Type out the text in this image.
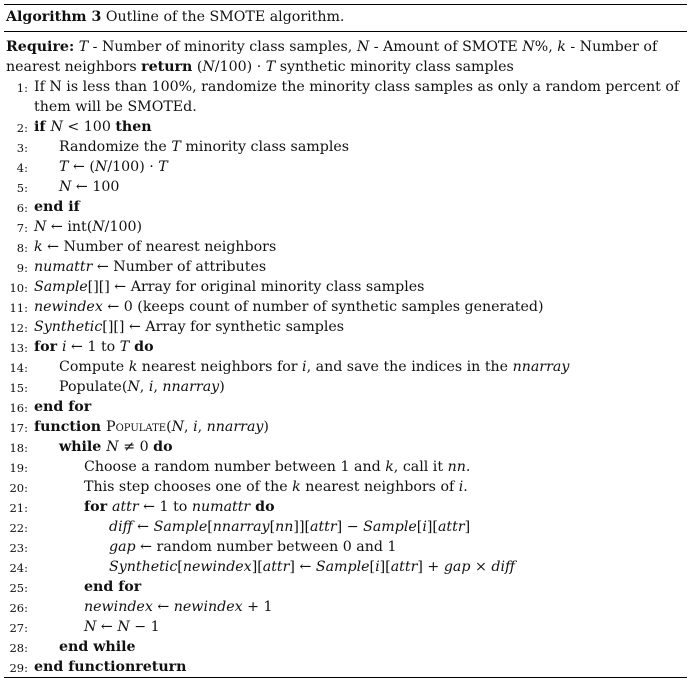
Algorithm 3 Outline of the SMOTE algorithm.
Require: T - Number of minority class samples, N - Amount of SMOTE N%, k - Number of nearest neighbors return (N/100) · T synthetic minority class samples
1: If N is less than 100%, randomize the minority class samples as only a random percent of them will be SMOTEd.
2: if N < 100 then
3: Randomize the T minority class samples
4: T ← (N/100) · T
5: N ← 100
6: end if
7: N ← int(N/100)
8: k ← Number of nearest neighbors
9: numattr ← Number of attributes
10: Sample[][] ← Array for original minority class samples
11: newindex ← 0 (keeps count of number of synthetic samples generated)
12: Synthetic[][] ← Array for synthetic samples
13: for i ← 1 to T do
14: Compute k nearest neighbors for i, and save the indices in the nnarray
15: Populate(N, i, nnarray)
16: end for
17: function Populate(N, i, nnarray)
18: while N ≠ 0 do
19:	Choose a random number between 1 and k, call it nn.
20:	This step chooses one of the k nearest neighbors of i.
21:	for attr ← 1 to numattr do
22:	diff ← Sample[nnarray[nn]][attr] − Sample[i][attr]
23:	gap ← random number between 0 and 1
24:	Synthetic[newindex][attr] ← Sample[i][attr] + gap × diff
25:	end for
26:	newindex ← newindex + 1
27:	N ← N − 1
28: end while
29: end functionreturn
